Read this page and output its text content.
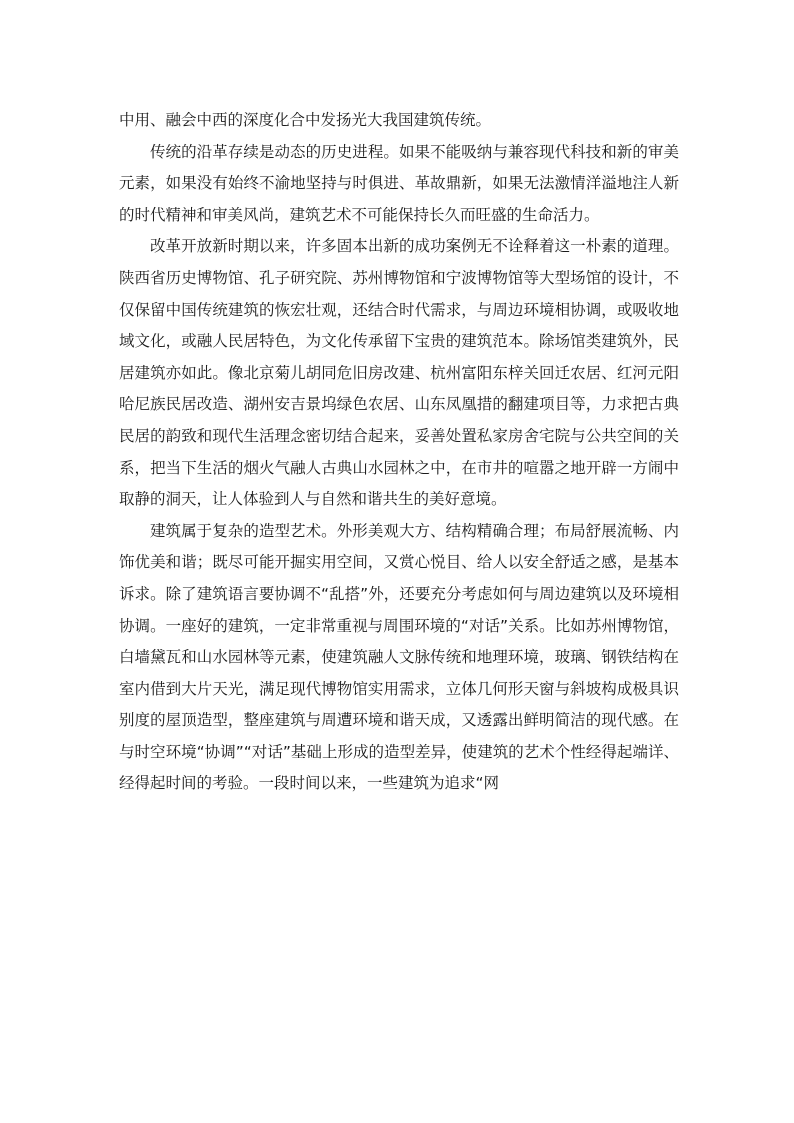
中用、融会中西的深度化合中发扬光大我国建筑传统。

传统的沿革存续是动态的历史进程。如果不能吸纳与兼容现代科技和新的审美元素，如果没有始终不渝地坚持与时俱进、革故鼎新，如果无法激情洋溢地注人新的时代精神和审美风尚，建筑艺术不可能保持长久而旺盛的生命活力。

改革开放新时期以来，许多固本出新的成功案例无不诠释着这一朴素的道理。陕西省历史博物馆、孔子研究院、苏州博物馆和宁波博物馆等大型场馆的设计，不仅保留中国传统建筑的恢宏壮观，还结合时代需求，与周边环境相协调，或吸收地域文化，或融人民居特色，为文化传承留下宝贵的建筑范本。除场馆类建筑外，民居建筑亦如此。像北京菊儿胡同危旧房改建、杭州富阳东梓关回迁农居、红河元阳哈尼族民居改造、湖州安吉景坞绿色农居、山东凤凰措的翻建项目等，力求把古典民居的韵致和现代生活理念密切结合起来，妥善处置私家房舍宅院与公共空间的关系，把当下生活的烟火气融人古典山水园林之中，在市井的喧嚣之地开辟一方闹中取静的洞天，让人体验到人与自然和谐共生的美好意境。

建筑属于复杂的造型艺术。外形美观大方、结构精确合理；布局舒展流畅、内饰优美和谐；既尽可能开掘实用空间，又赏心悦目、给人以安全舒适之感，是基本诉求。除了建筑语言要协调不“乱搭”外，还要充分考虑如何与周边建筑以及环境相协调。一座好的建筑，一定非常重视与周围环境的“对话”关系。比如苏州博物馆，白墙黛瓦和山水园林等元素，使建筑融人文脉传统和地理环境，玻璃、钢铁结构在室内借到大片天光，满足现代博物馆实用需求，立体几何形天窗与斜坡构成极具识别度的屋顶造型，整座建筑与周遭环境和谐天成，又透露出鲜明简洁的现代感。在与时空环境“协调”“对话”基础上形成的造型差异，使建筑的艺术个性经得起端详、经得起时间的考验。一段时间以来，一些建筑为追求“网
